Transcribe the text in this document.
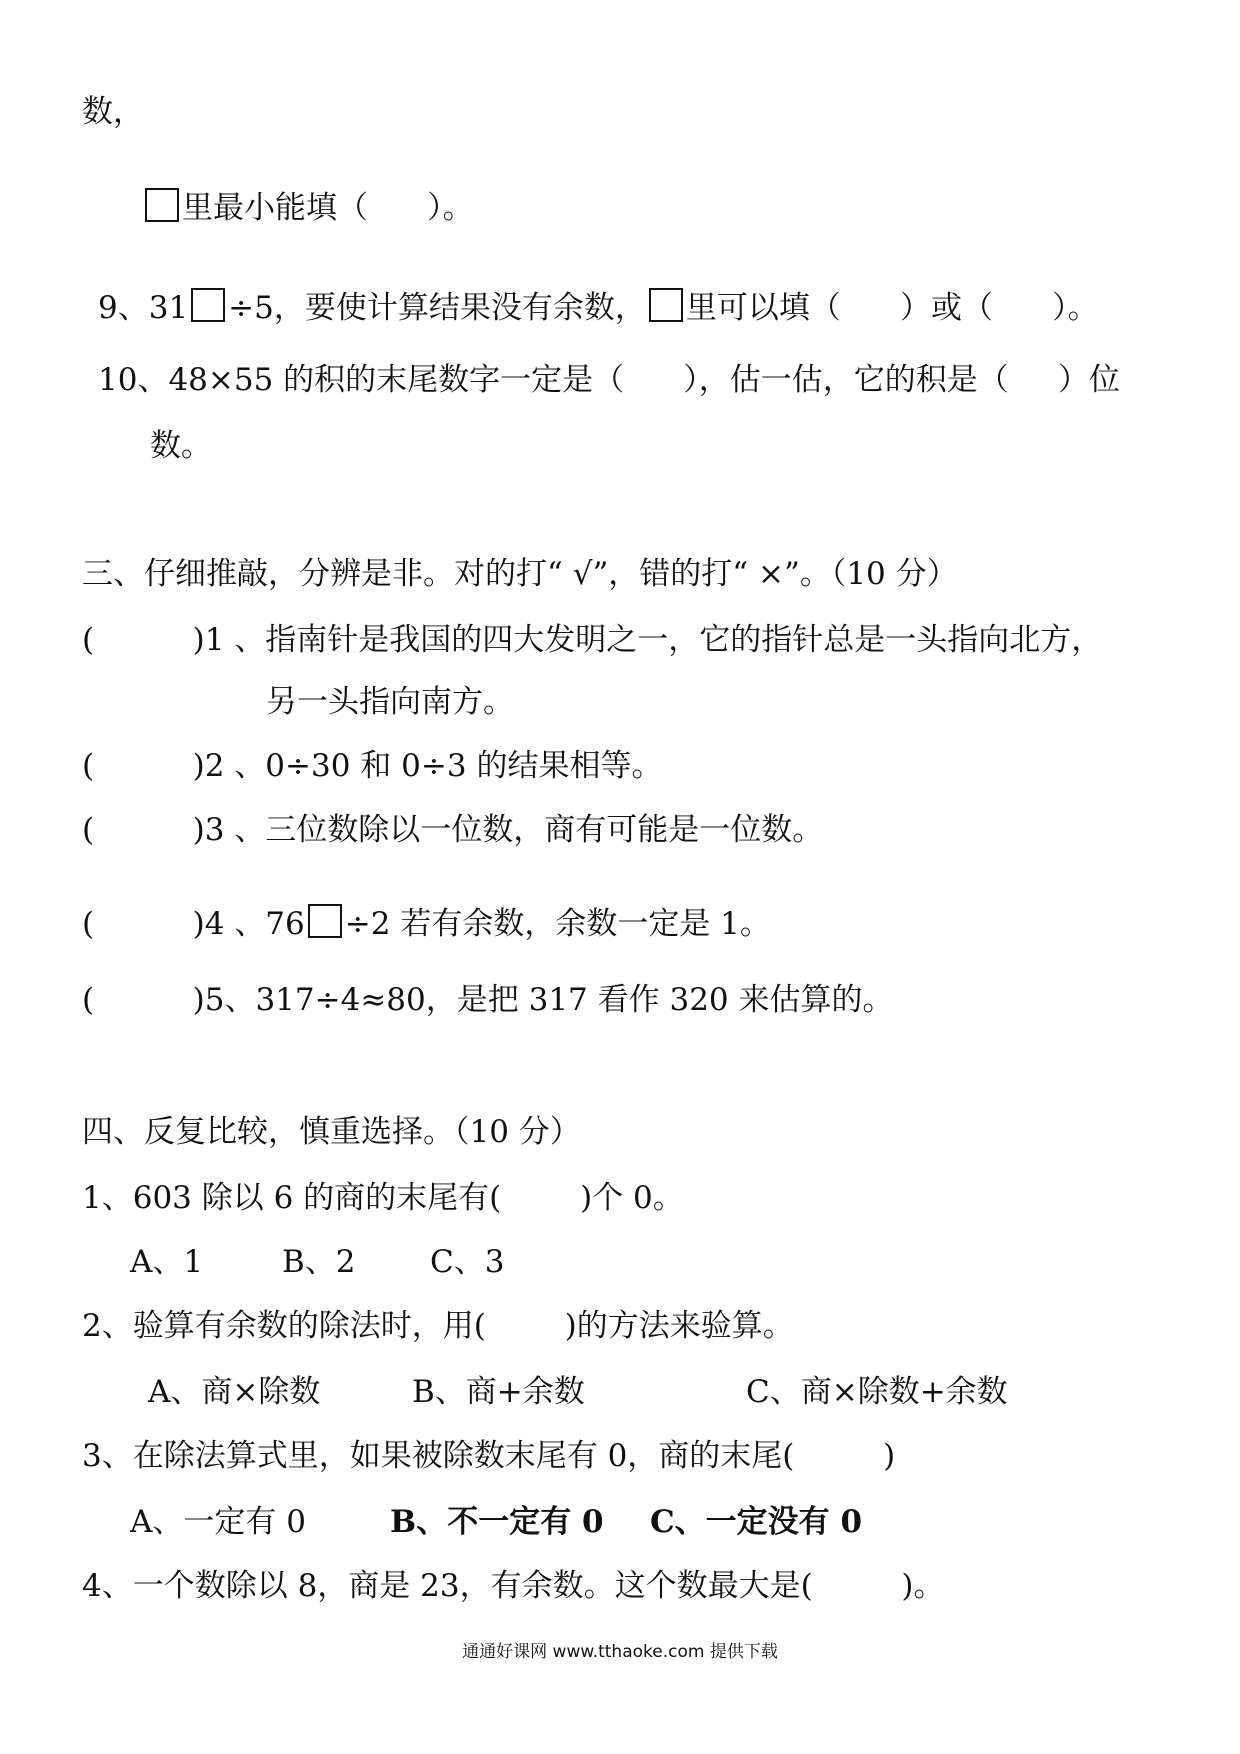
数，
里最小能填（      ）。
9、31 ÷5，要使计算结果没有余数， 里可以填（      ）或（      ）。
10、48×55 的积的末尾数字一定是（      ），估一估，它的积是（     ）位
数。
三、仔细推敲，分辨是非。对的打“ √”，错的打“ ×”。（10 分）
(          )1 、指南针是我国的四大发明之一，它的指针总是一头指向北方，
另一头指向南方。
(          )2 、0÷30 和 0÷3 的结果相等。
(          )3 、三位数除以一位数，商有可能是一位数。
(          )4 、76 ÷2 若有余数，余数一定是 1。
(          )5、317÷4≈80，是把 317 看作 320 来估算的。
四、反复比较，慎重选择。（10 分）
1、603 除以 6 的商的末尾有(        )个 0。
A、1	B、2 C、3
2、验算有余数的除法时，用(        )的方法来验算。
A、商×除数	B、商+余数	C、商×除数+余数
3、在除法算式里，如果被除数末尾有 0，商的末尾(         )
A、一定有 0	B、不一定有 0 C、一定没有 0
4、一个数除以 8，商是 23，有余数。这个数最大是(         )。
通通好课网 www.tthaoke.com 提供下载
